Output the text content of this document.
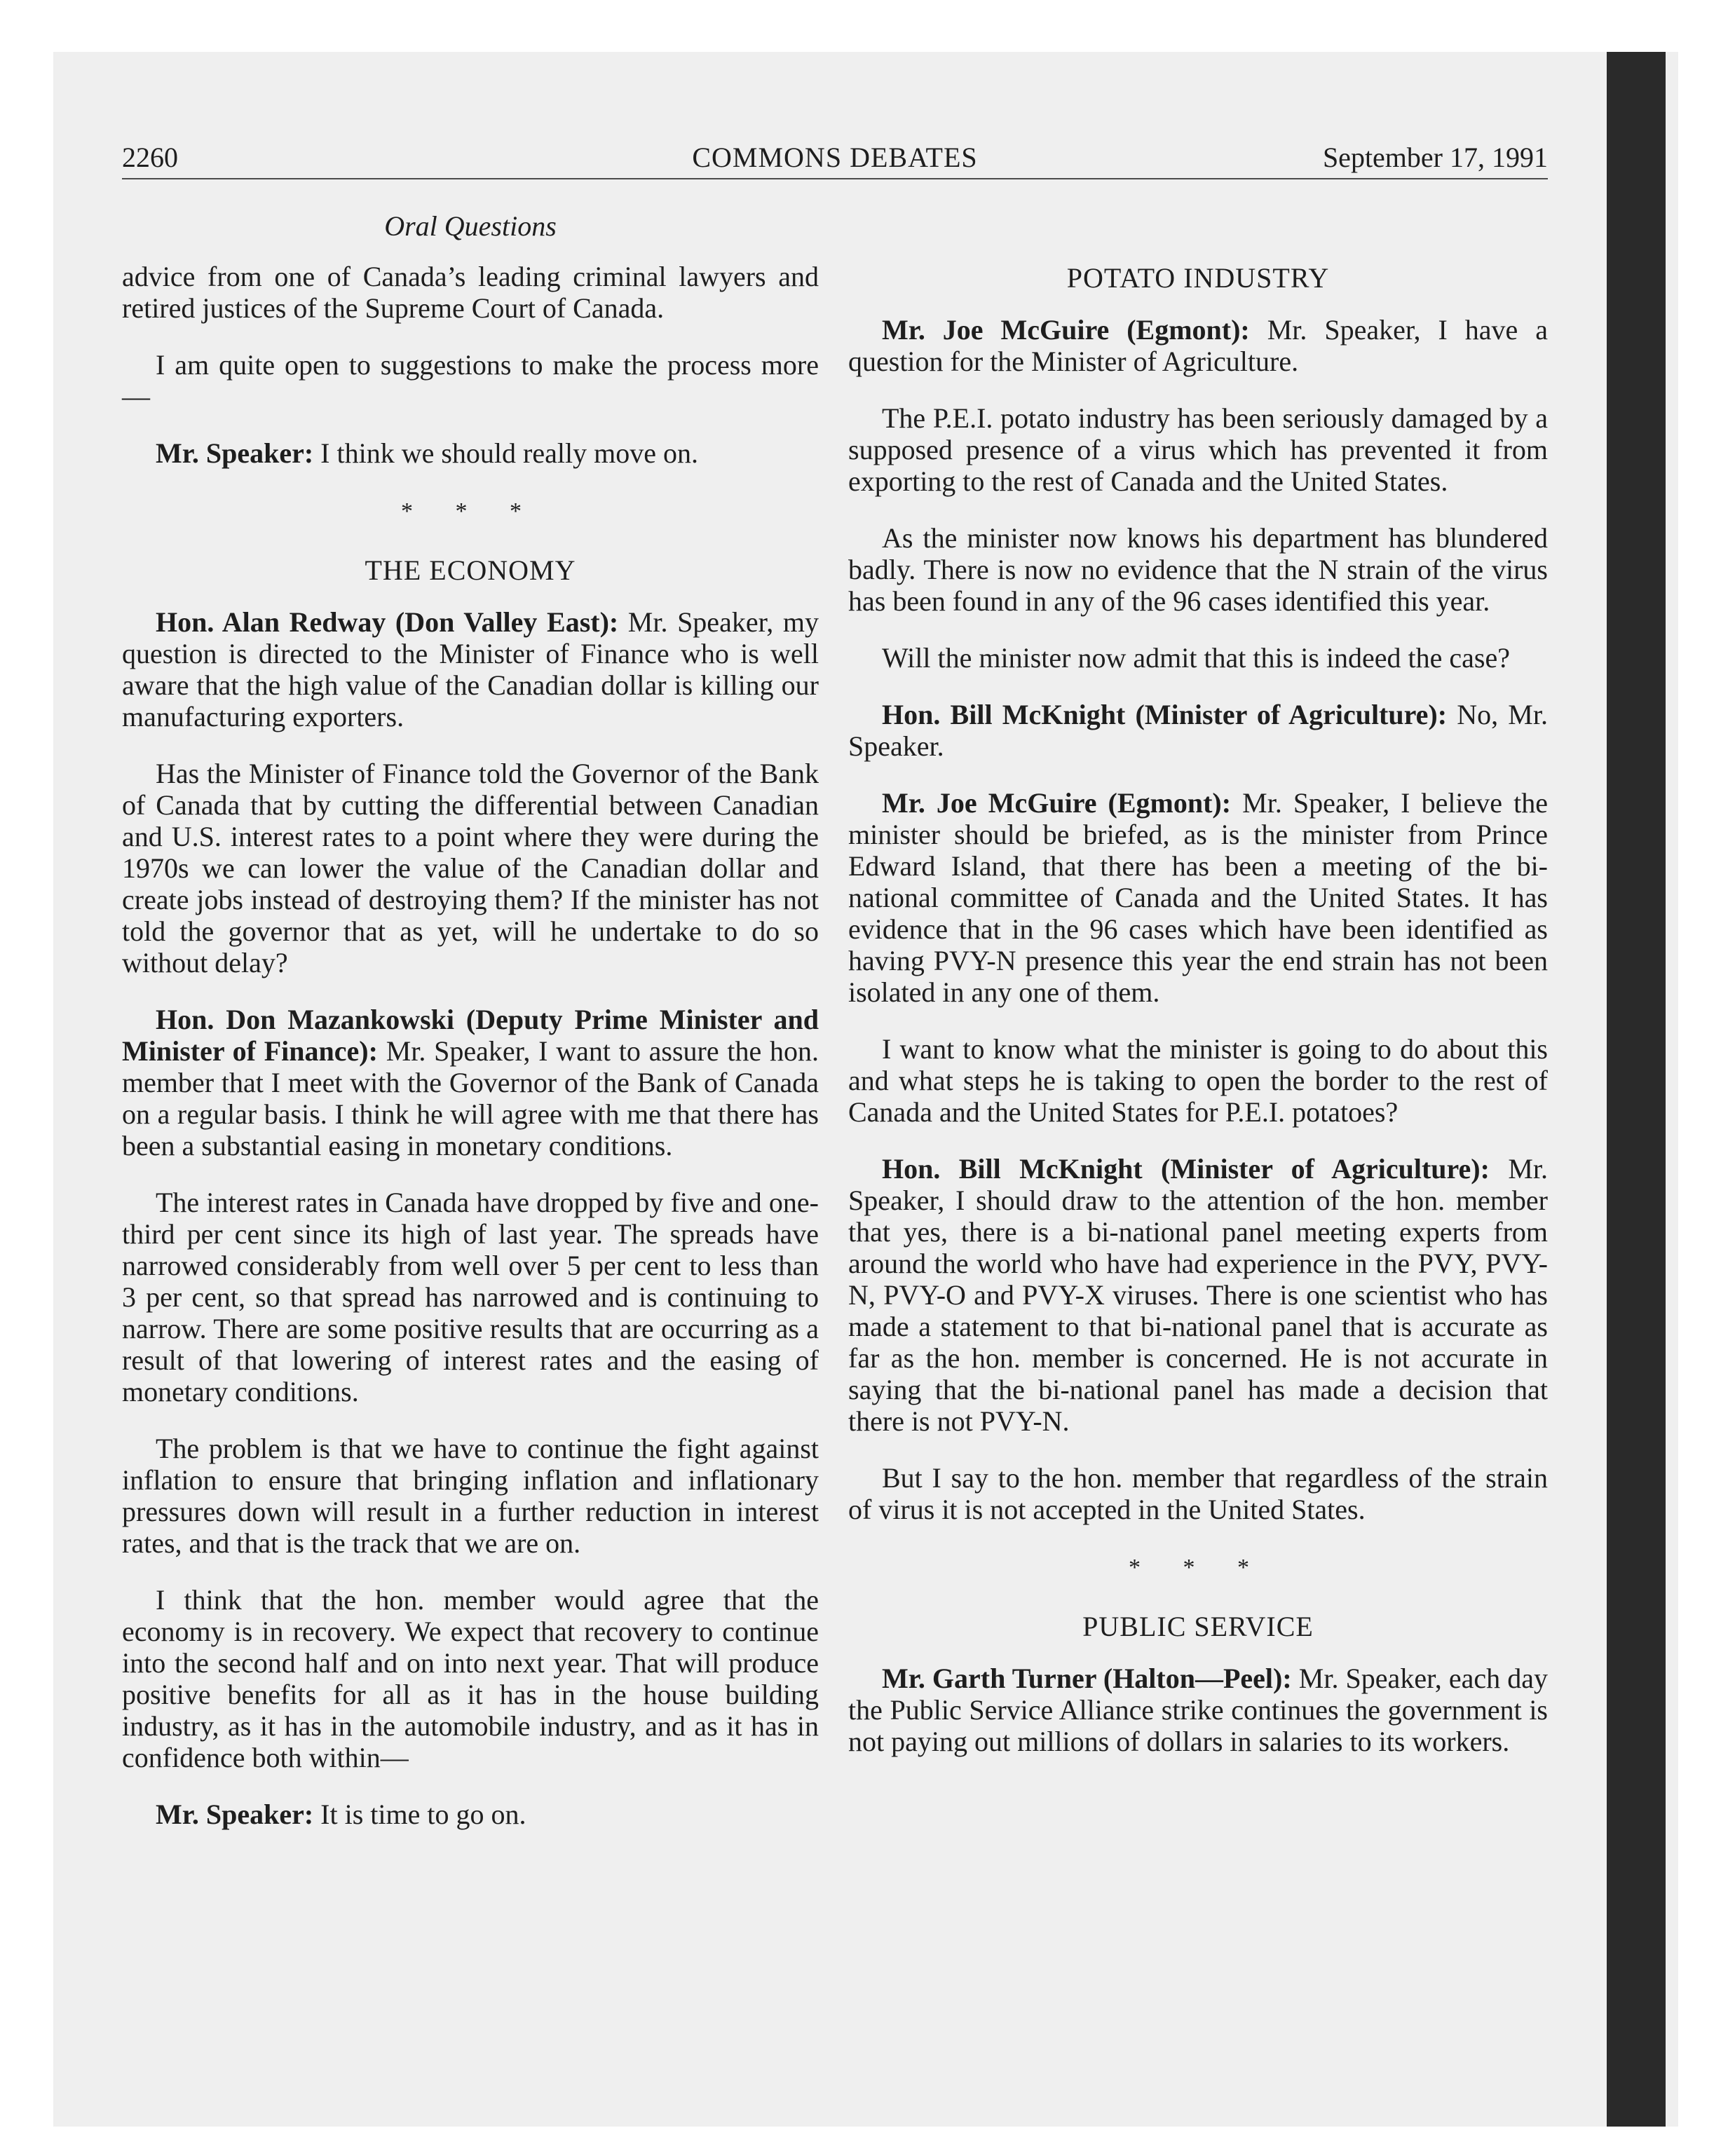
2260	COMMONS DEBATES	September 17, 1991
Oral Questions

advice from one of Canada’s leading criminal lawyers and retired justices of the Supreme Court of Canada.

I am quite open to suggestions to make the process more—

Mr. Speaker: I think we should really move on.

* * *
THE ECONOMY

Hon. Alan Redway (Don Valley East): Mr. Speaker, my question is directed to the Minister of Finance who is well aware that the high value of the Canadian dollar is killing our manufacturing exporters.

Has the Minister of Finance told the Governor of the Bank of Canada that by cutting the differential between Canadian and U.S. interest rates to a point where they were during the 1970s we can lower the value of the Canadian dollar and create jobs instead of destroying them? If the minister has not told the governor that as yet, will he undertake to do so without delay?

Hon. Don Mazankowski (Deputy Prime Minister and Minister of Finance): Mr. Speaker, I want to assure the hon. member that I meet with the Governor of the Bank of Canada on a regular basis. I think he will agree with me that there has been a substantial easing in monetary conditions.

The interest rates in Canada have dropped by five and one-third per cent since its high of last year. The spreads have narrowed considerably from well over 5 per cent to less than 3 per cent, so that spread has narrowed and is continuing to narrow. There are some positive results that are occurring as a result of that lowering of interest rates and the easing of monetary conditions.

The problem is that we have to continue the fight against inflation to ensure that bringing inflation and inflationary pressures down will result in a further reduction in interest rates, and that is the track that we are on.

I think that the hon. member would agree that the economy is in recovery. We expect that recovery to continue into the second half and on into next year. That will produce positive benefits for all as it has in the house building industry, as it has in the automobile industry, and as it has in confidence both within—

Mr. Speaker: It is time to go on.

POTATO INDUSTRY

Mr. Joe McGuire (Egmont): Mr. Speaker, I have a question for the Minister of Agriculture.

The P.E.I. potato industry has been seriously damaged by a supposed presence of a virus which has prevented it from exporting to the rest of Canada and the United States.

As the minister now knows his department has blundered badly. There is now no evidence that the N strain of the virus has been found in any of the 96 cases identified this year.

Will the minister now admit that this is indeed the case?

Hon. Bill McKnight (Minister of Agriculture): No, Mr. Speaker.

Mr. Joe McGuire (Egmont): Mr. Speaker, I believe the minister should be briefed, as is the minister from Prince Edward Island, that there has been a meeting of the bi-national committee of Canada and the United States. It has evidence that in the 96 cases which have been identified as having PVY-N presence this year the end strain has not been isolated in any one of them.

I want to know what the minister is going to do about this and what steps he is taking to open the border to the rest of Canada and the United States for P.E.I. potatoes?

Hon. Bill McKnight (Minister of Agriculture): Mr. Speaker, I should draw to the attention of the hon. member that yes, there is a bi-national panel meeting experts from around the world who have had experience in the PVY, PVY-N, PVY-O and PVY-X viruses. There is one scientist who has made a statement to that bi-national panel that is accurate as far as the hon. member is concerned. He is not accurate in saying that the bi-national panel has made a decision that there is not PVY-N.

But I say to the hon. member that regardless of the strain of virus it is not accepted in the United States.

* * *
PUBLIC SERVICE

Mr. Garth Turner (Halton—Peel): Mr. Speaker, each day the Public Service Alliance strike continues the government is not paying out millions of dollars in salaries to its workers.
